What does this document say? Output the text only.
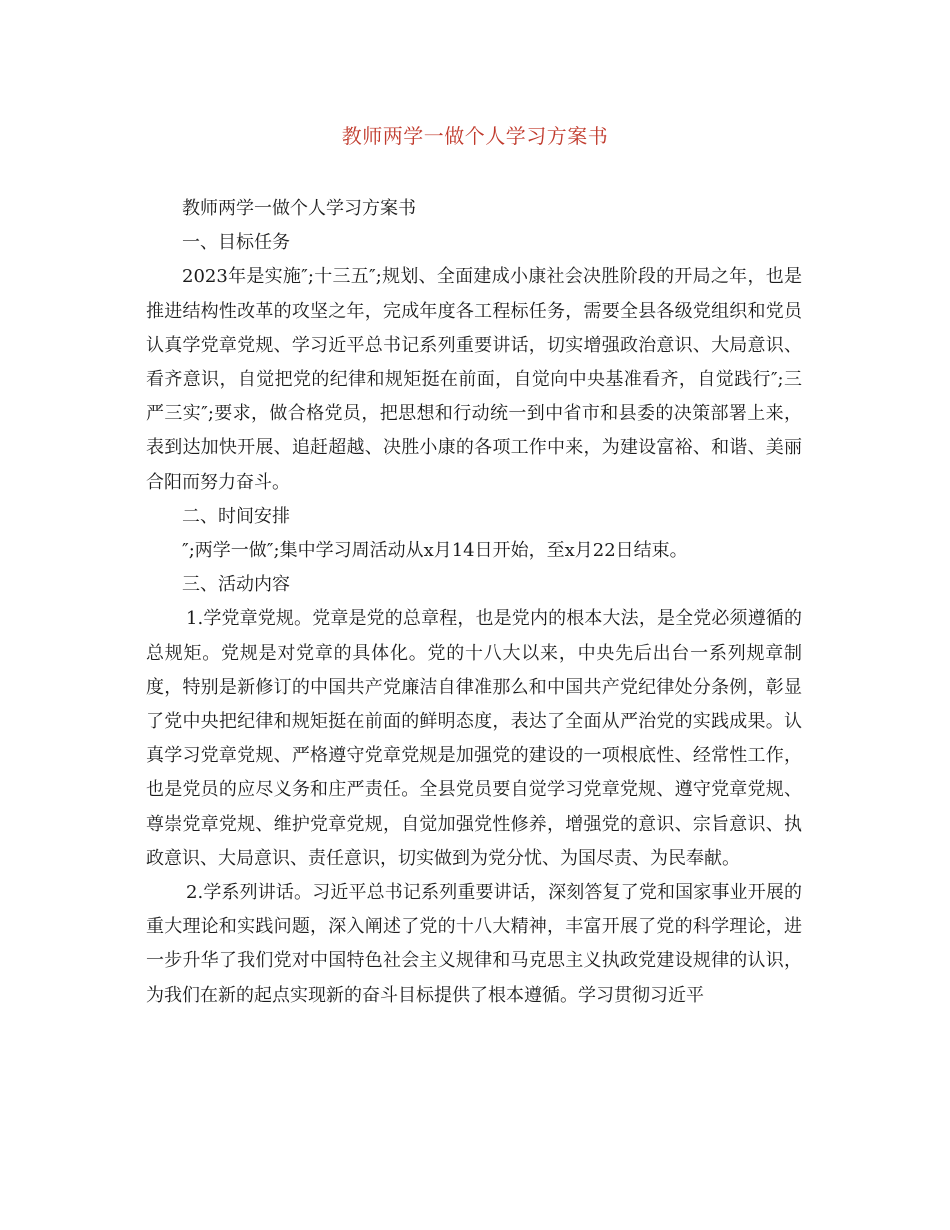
教师两学一做个人学习方案书

教师两学一做个人学习方案书

一、目标任务

2023年是实施″;十三五″;规划、全面建成小康社会决胜阶段的开局之年，也是推进结构性改革的攻坚之年，完成年度各工程标任务，需要全县各级党组织和党员认真学党章党规、学习近平总书记系列重要讲话，切实增强政治意识、大局意识、看齐意识，自觉把党的纪律和规矩挺在前面，自觉向中央基准看齐，自觉践行″;三严三实″;要求，做合格党员，把思想和行动统一到中省市和县委的决策部署上来，表到达加快开展、追赶超越、决胜小康的各项工作中来，为建设富裕、和谐、美丽合阳而努力奋斗。

二、时间安排

″;两学一做″;集中学习周活动从x月14日开始，至x月22日结束。

三、活动内容

1.学党章党规。党章是党的总章程，也是党内的根本大法，是全党必须遵循的总规矩。党规是对党章的具体化。党的十八大以来，中央先后出台一系列规章制度，特别是新修订的中国共产党廉洁自律准那么和中国共产党纪律处分条例，彰显了党中央把纪律和规矩挺在前面的鲜明态度，表达了全面从严治党的实践成果。认真学习党章党规、严格遵守党章党规是加强党的建设的一项根底性、经常性工作，也是党员的应尽义务和庄严责任。全县党员要自觉学习党章党规、遵守党章党规、尊崇党章党规、维护党章党规，自觉加强党性修养，增强党的意识、宗旨意识、执政意识、大局意识、责任意识，切实做到为党分忧、为国尽责、为民奉献。

2.学系列讲话。习近平总书记系列重要讲话，深刻答复了党和国家事业开展的重大理论和实践问题，深入阐述了党的十八大精神，丰富开展了党的科学理论，进一步升华了我们党对中国特色社会主义规律和马克思主义执政党建设规律的认识，为我们在新的起点实现新的奋斗目标提供了根本遵循。学习贯彻习近平
